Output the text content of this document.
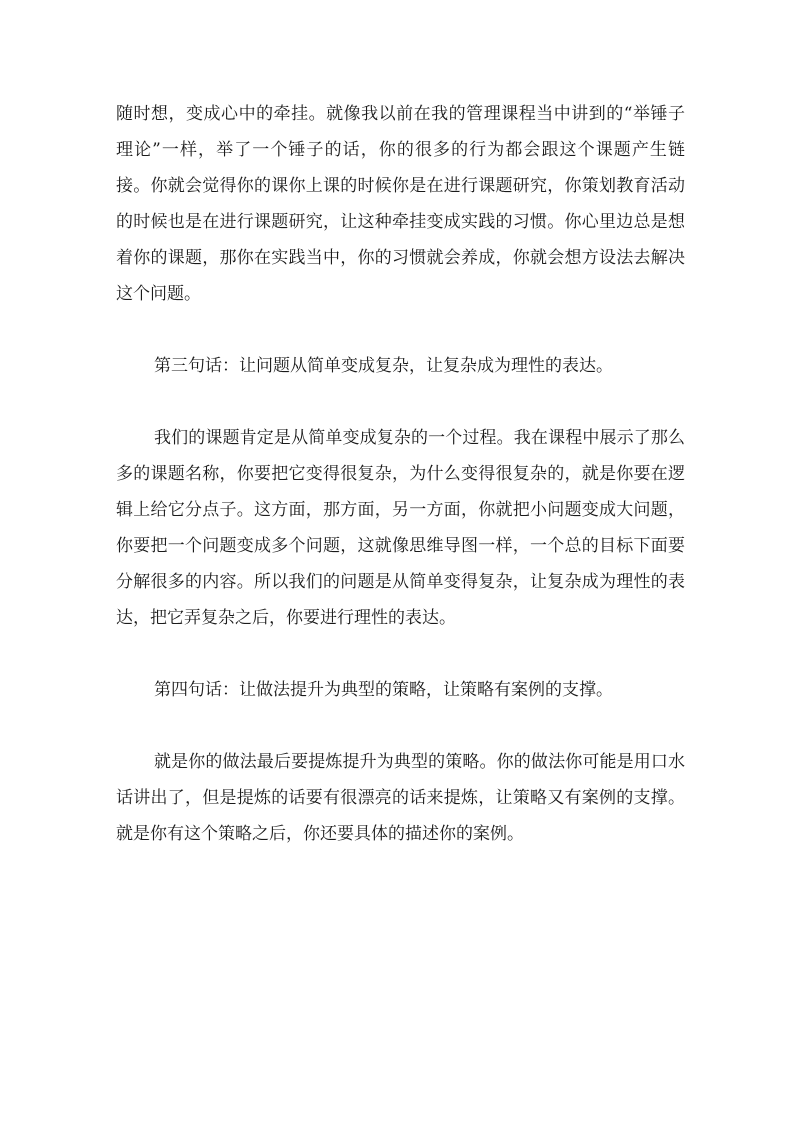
随时想，变成心中的牵挂。就像我以前在我的管理课程当中讲到的“举锤子理论”一样，举了一个锤子的话，你的很多的行为都会跟这个课题产生链接。你就会觉得你的课你上课的时候你是在进行课题研究，你策划教育活动的时候也是在进行课题研究，让这种牵挂变成实践的习惯。你心里边总是想着你的课题，那你在实践当中，你的习惯就会养成，你就会想方设法去解决这个问题。

第三句话：让问题从简单变成复杂，让复杂成为理性的表达。

我们的课题肯定是从简单变成复杂的一个过程。我在课程中展示了那么多的课题名称，你要把它变得很复杂，为什么变得很复杂的，就是你要在逻辑上给它分点子。这方面，那方面，另一方面，你就把小问题变成大问题，你要把一个问题变成多个问题，这就像思维导图一样，一个总的目标下面要分解很多的内容。所以我们的问题是从简单变得复杂，让复杂成为理性的表达，把它弄复杂之后，你要进行理性的表达。

第四句话：让做法提升为典型的策略，让策略有案例的支撑。

就是你的做法最后要提炼提升为典型的策略。你的做法你可能是用口水话讲出了，但是提炼的话要有很漂亮的话来提炼，让策略又有案例的支撑。就是你有这个策略之后，你还要具体的描述你的案例。
